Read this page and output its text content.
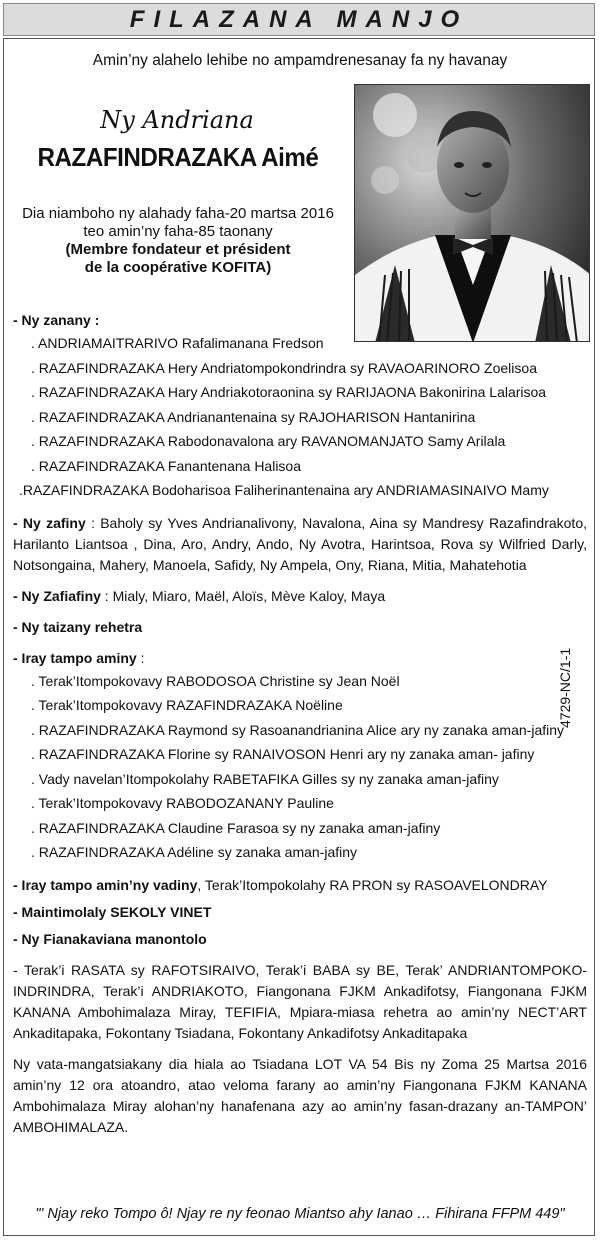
FILAZANA MANJO
Amin’ny alahelo lehibe no ampamdrenesanay fa ny havanay
Ny Andriana
RAZAFINDRAZAKA Aimé
Dia niamboho ny alahady faha-20 martsa 2016
teo amin’ny faha-85 taonany
(Membre fondateur et président
de la coopérative KOFITA)
- Ny zanany :
. ANDRIAMAITRARIVO Rafalimanana Fredson
. RAZAFINDRAZAKA Hery Andriatompokondrindra sy RAVAOARINORO Zoelisoa
. RAZAFINDRAZAKA Hary Andriakotoraonina sy RARIJAONA Bakonirina Lalarisoa
. RAZAFINDRAZAKA Andrianantenaina sy RAJOHARISON Hantanirina
. RAZAFINDRAZAKA Rabodonavalona ary RAVANOMANJATO Samy Arilala
. RAZAFINDRAZAKA Fanantenana Halisoa
.RAZAFINDRAZAKA Bodoharisoa Faliherinantenaina ary ANDRIAMASINAIVO Mamy
- Ny zafiny : Baholy sy Yves Andrianalivony, Navalona, Aina sy Mandresy Razafindrakoto, Harilanto Liantsoa , Dina, Aro, Andry, Ando, Ny Avotra, Harintsoa, Rova sy Wilfried Darly, Notsongaina, Mahery, Manoela, Safidy, Ny Ampela, Ony, Riana, Mitia, Mahatehotia
- Ny Zafiafiny : Mialy, Miaro, Maël, Aloïs, Mève Kaloy, Maya
- Ny taizany rehetra
- Iray tampo aminy :
. Terak’Itompokovavy RABODOSOA Christine sy Jean Noël
. Terak’Itompokovavy RAZAFINDRAZAKA Noëline
. RAZAFINDRAZAKA Raymond sy Rasoanandrianina Alice ary ny zanaka aman-jafiny
. RAZAFINDRAZAKA Florine sy RANAIVOSON Henri ary ny zanaka aman- jafiny
. Vady navelan’Itompokolahy RABETAFIKA Gilles sy ny zanaka aman-jafiny
. Terak’Itompokovavy RABODOZANANY Pauline
. RAZAFINDRAZAKA Claudine Farasoa sy ny zanaka aman-jafiny
. RAZAFINDRAZAKA Adéline sy zanaka aman-jafiny
- Iray tampo amin’ny vadiny, Terak’Itompokolahy RA PRON sy RASOAVELONDRAY
- Maintimolaly SEKOLY VINET
- Ny Fianakaviana manontolo
- Terak’i RASATA sy RAFOTSIRAIVO, Terak’i BABA sy BE, Terak’ ANDRIANTOMPOKO-INDRINDRA, Terak’i ANDRIAKOTO, Fiangonana FJKM Ankadifotsy, Fiangonana FJKM KANANA Ambohimalaza Miray, TEFIFIA, Mpiara-miasa rehetra ao amin’ny NECT’ART Ankaditapaka, Fokontany Tsiadana, Fokontany Ankadifotsy Ankaditapaka
Ny vata-mangatsiakany dia hiala ao Tsiadana LOT VA 54 Bis ny Zoma 25 Martsa 2016 amin’ny 12 ora atoandro, atao veloma farany ao amin’ny Fiangonana FJKM KANANA Ambohimalaza Miray alohan’ny hanafenana azy ao amin’ny fasan-drazany an-TAMPON’ AMBOHIMALAZA.
4729-NC/1-1
"' Njay reko Tompo ô! Njay re ny feonao Miantso ahy Ianao … Fihirana FFPM 449"
